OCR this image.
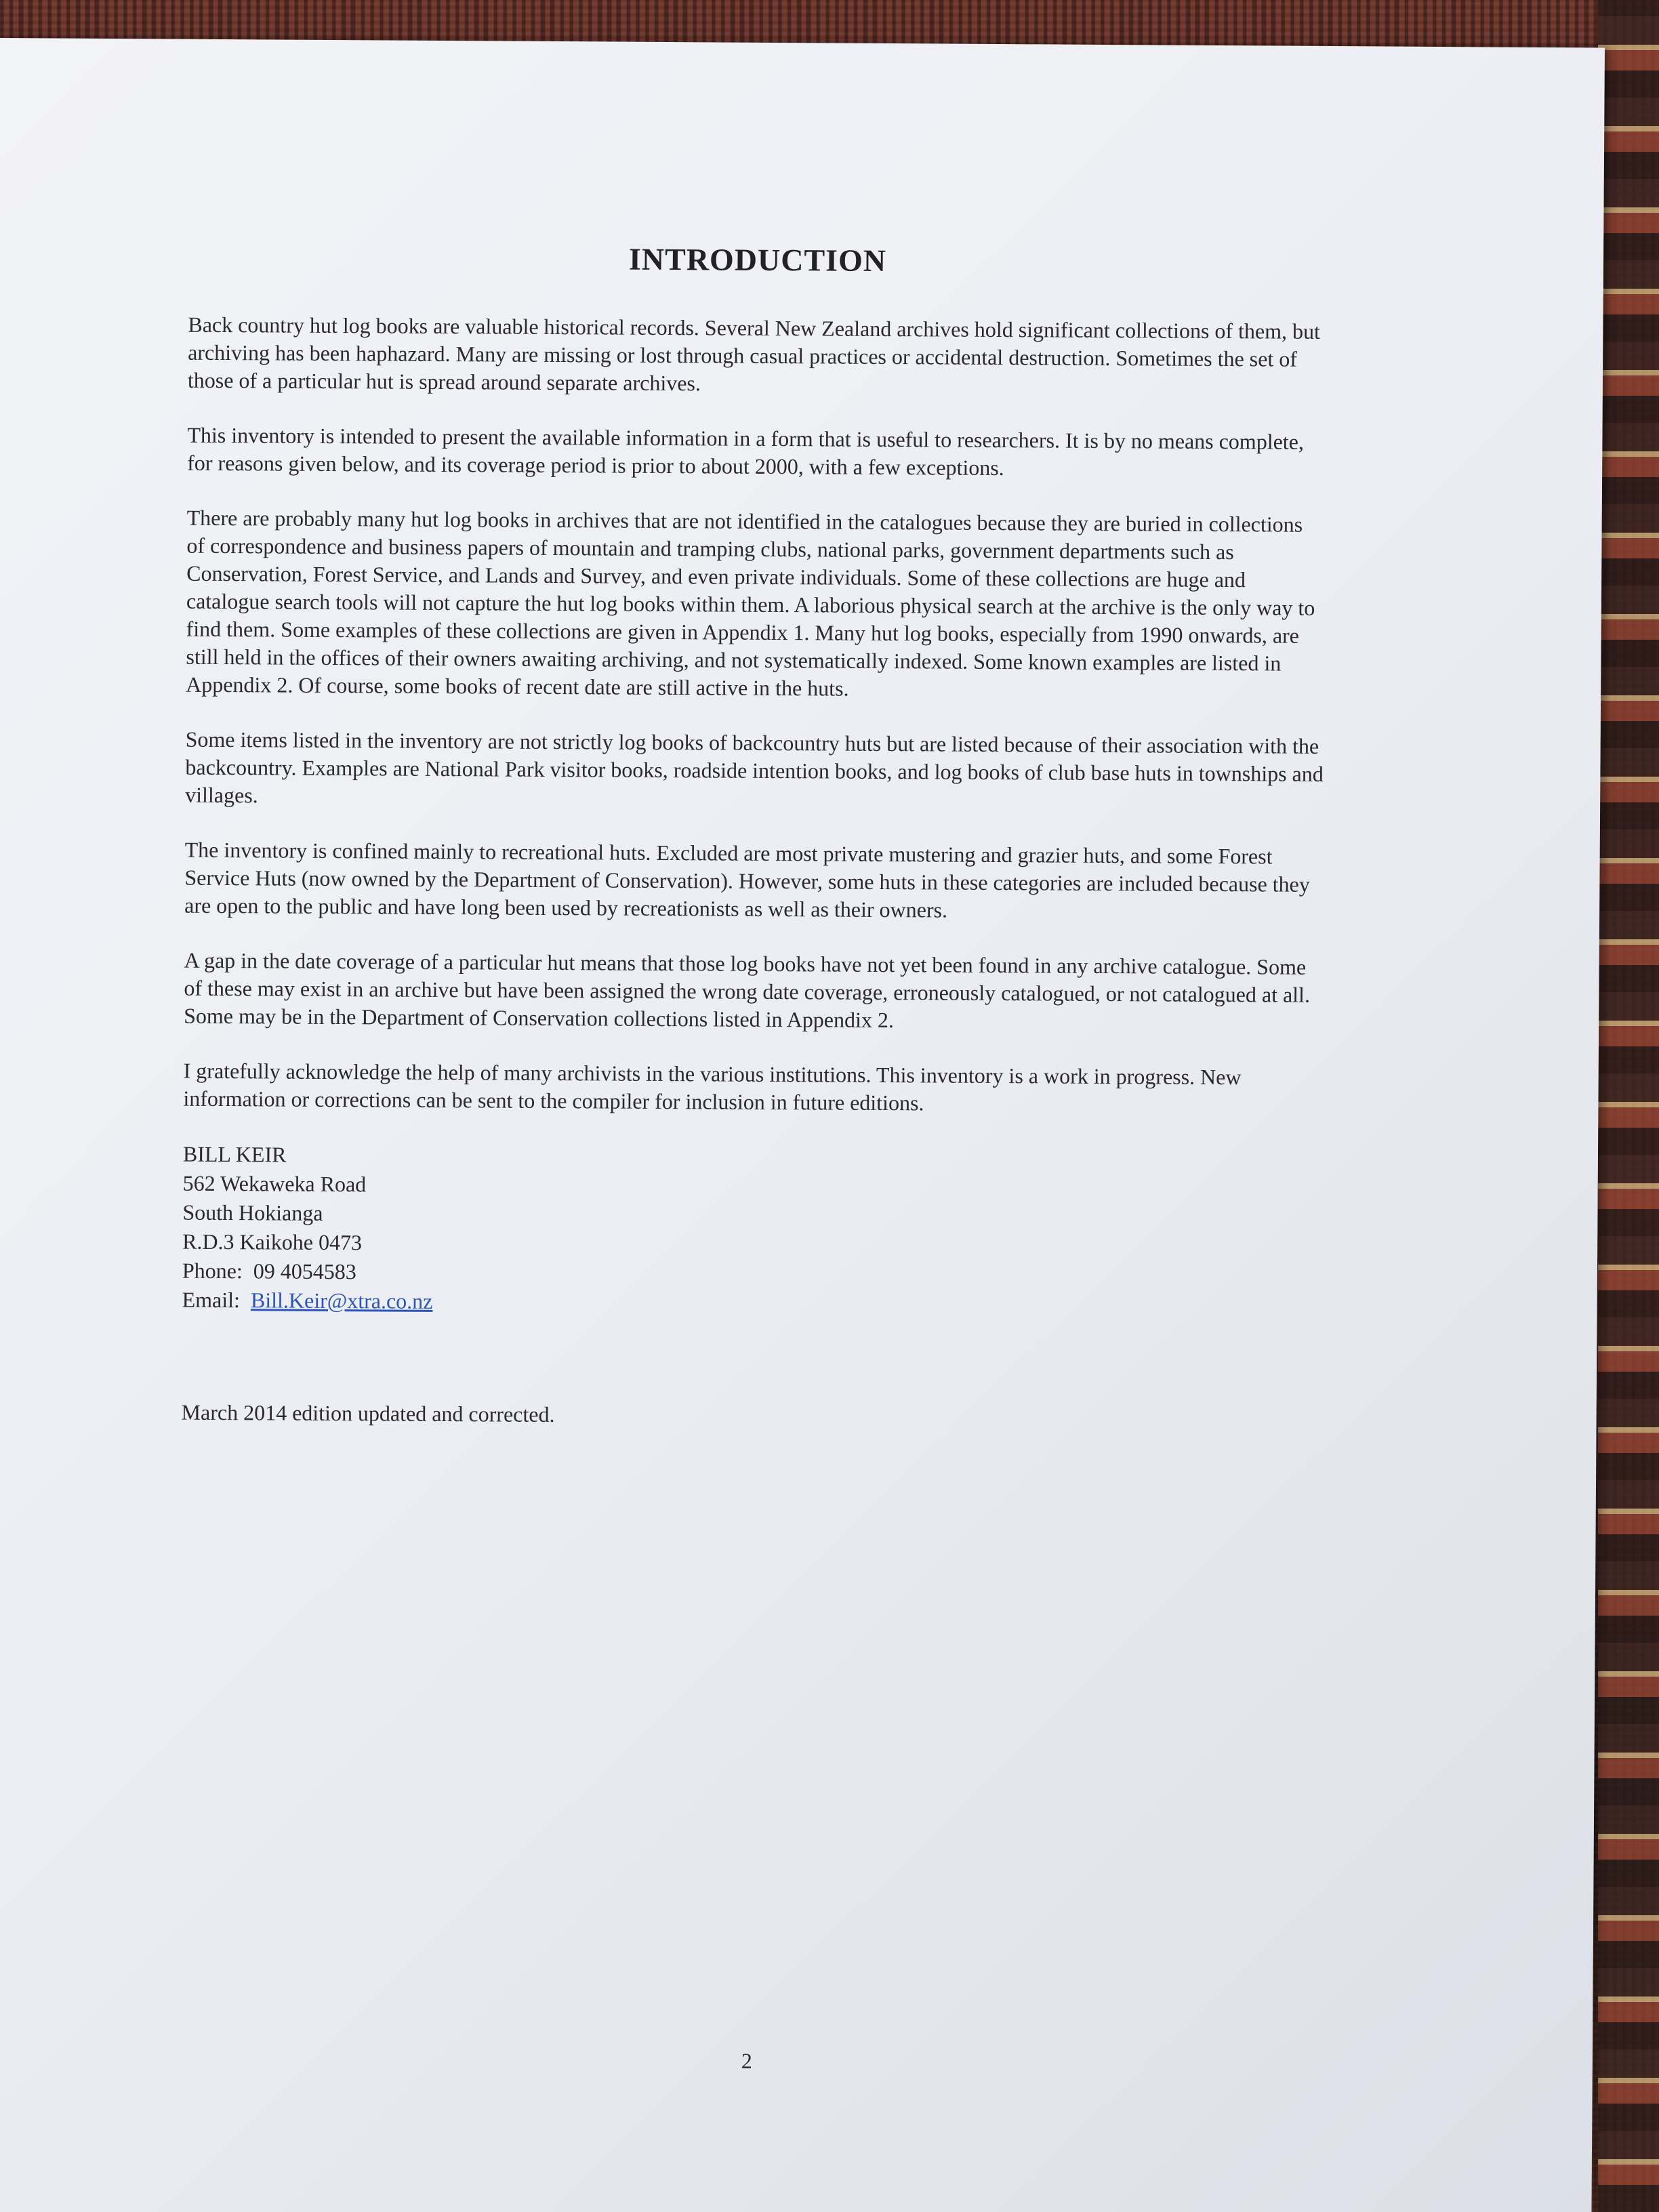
INTRODUCTION

Back country hut log books are valuable historical records. Several New Zealand archives hold significant collections of them, but archiving has been haphazard. Many are missing or lost through casual practices or accidental destruction. Sometimes the set of those of a particular hut is spread around separate archives.

This inventory is intended to present the available information in a form that is useful to researchers. It is by no means complete, for reasons given below, and its coverage period is prior to about 2000, with a few exceptions.

There are probably many hut log books in archives that are not identified in the catalogues because they are buried in collections of correspondence and business papers of mountain and tramping clubs, national parks, government departments such as Conservation, Forest Service, and Lands and Survey, and even private individuals. Some of these collections are huge and catalogue search tools will not capture the hut log books within them. A laborious physical search at the archive is the only way to find them. Some examples of these collections are given in Appendix 1. Many hut log books, especially from 1990 onwards, are still held in the offices of their owners awaiting archiving, and not systematically indexed. Some known examples are listed in Appendix 2. Of course, some books of recent date are still active in the huts.

Some items listed in the inventory are not strictly log books of backcountry huts but are listed because of their association with the backcountry. Examples are National Park visitor books, roadside intention books, and log books of club base huts in townships and villages.

The inventory is confined mainly to recreational huts. Excluded are most private mustering and grazier huts, and some Forest Service Huts (now owned by the Department of Conservation). However, some huts in these categories are included because they are open to the public and have long been used by recreationists as well as their owners.

A gap in the date coverage of a particular hut means that those log books have not yet been found in any archive catalogue. Some of these may exist in an archive but have been assigned the wrong date coverage, erroneously catalogued, or not catalogued at all. Some may be in the Department of Conservation collections listed in Appendix 2.

I gratefully acknowledge the help of many archivists in the various institutions. This inventory is a work in progress. New information or corrections can be sent to the compiler for inclusion in future editions.

BILL KEIR
562 Wekaweka Road
South Hokianga
R.D.3 Kaikohe 0473
Phone: 09 4054583
Email: Bill.Keir@xtra.co.nz

March 2014 edition updated and corrected.

2
